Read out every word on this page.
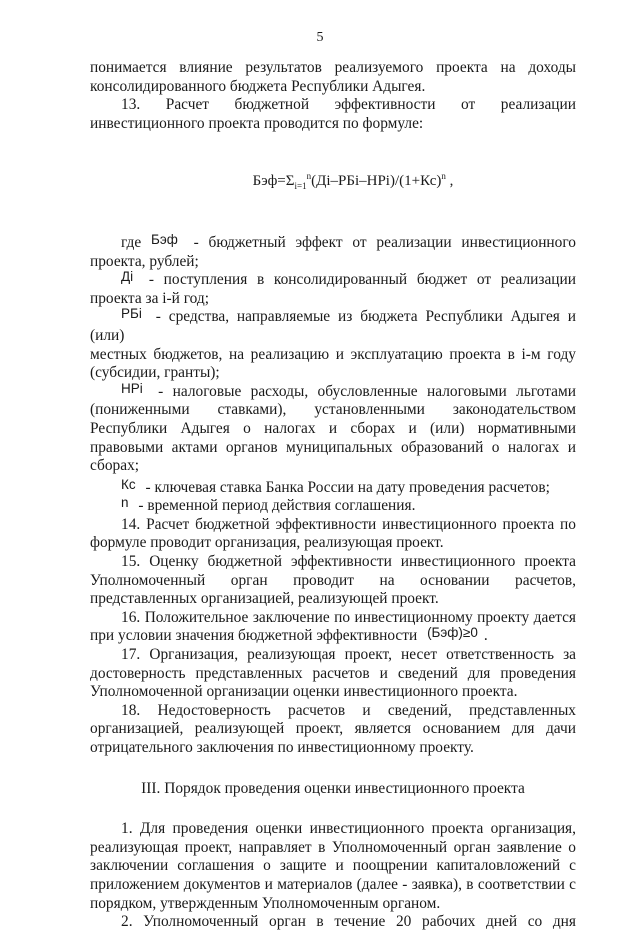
5

понимается влияние результатов реализуемого проекта на доходы

консолидированного бюджета Республики Адыгея.

13. Расчет бюджетной эффективности от реализации

инвестиционного проекта проводится по формуле:

$Бэф=\Sigma_{i=1}^n(Дi-РБi-НРi)/(1+Кс)^n$ ,
где Бэф - бюджетный эффект от реализации инвестиционного

проекта, рублей;

Дi - поступления в консолидированный бюджет от реализации

проекта за i-й год;

РБi - средства, направляемые из бюджета Республики Адыгея и (или)

местных бюджетов, на реализацию и эксплуатацию проекта в i-м году (субсидии, гранты);

НРi - налоговые расходы, обусловленные налоговыми льготами

(пониженными ставками), установленными законодательством Республики Адыгея о налогах и сборах и (или) нормативными правовыми актами органов муниципальных образований о налогах и сборах;

Кс - ключевая ставка Банка России на дату проведения расчетов;
n - временной период действия соглашения.

14. Расчет бюджетной эффективности инвестиционного проекта по формуле проводит организация, реализующая проект.

15. Оценку бюджетной эффективности инвестиционного проекта Уполномоченный орган проводит на основании расчетов, представленных организацией, реализующей проект.

16. Положительное заключение по инвестиционному проекту дается

при условии значения бюджетной эффективности (Бэф)≥0 .

17. Организация, реализующая проект, несет ответственность за достоверность представленных расчетов и сведений для проведения Уполномоченной организации оценки инвестиционного проекта.

18. Недостоверность расчетов и сведений, представленных организацией, реализующей проект, является основанием для дачи отрицательного заключения по инвестиционному проекту.

III. Порядок проведения оценки инвестиционного проекта

1. Для проведения оценки инвестиционного проекта организация, реализующая проект, направляет в Уполномоченный орган заявление о заключении соглашения о защите и поощрении капиталовложений с приложением документов и материалов (далее - заявка), в соответствии с порядком, утвержденным Уполномоченным органом.

2. Уполномоченный орган в течение 20 рабочих дней со дня
